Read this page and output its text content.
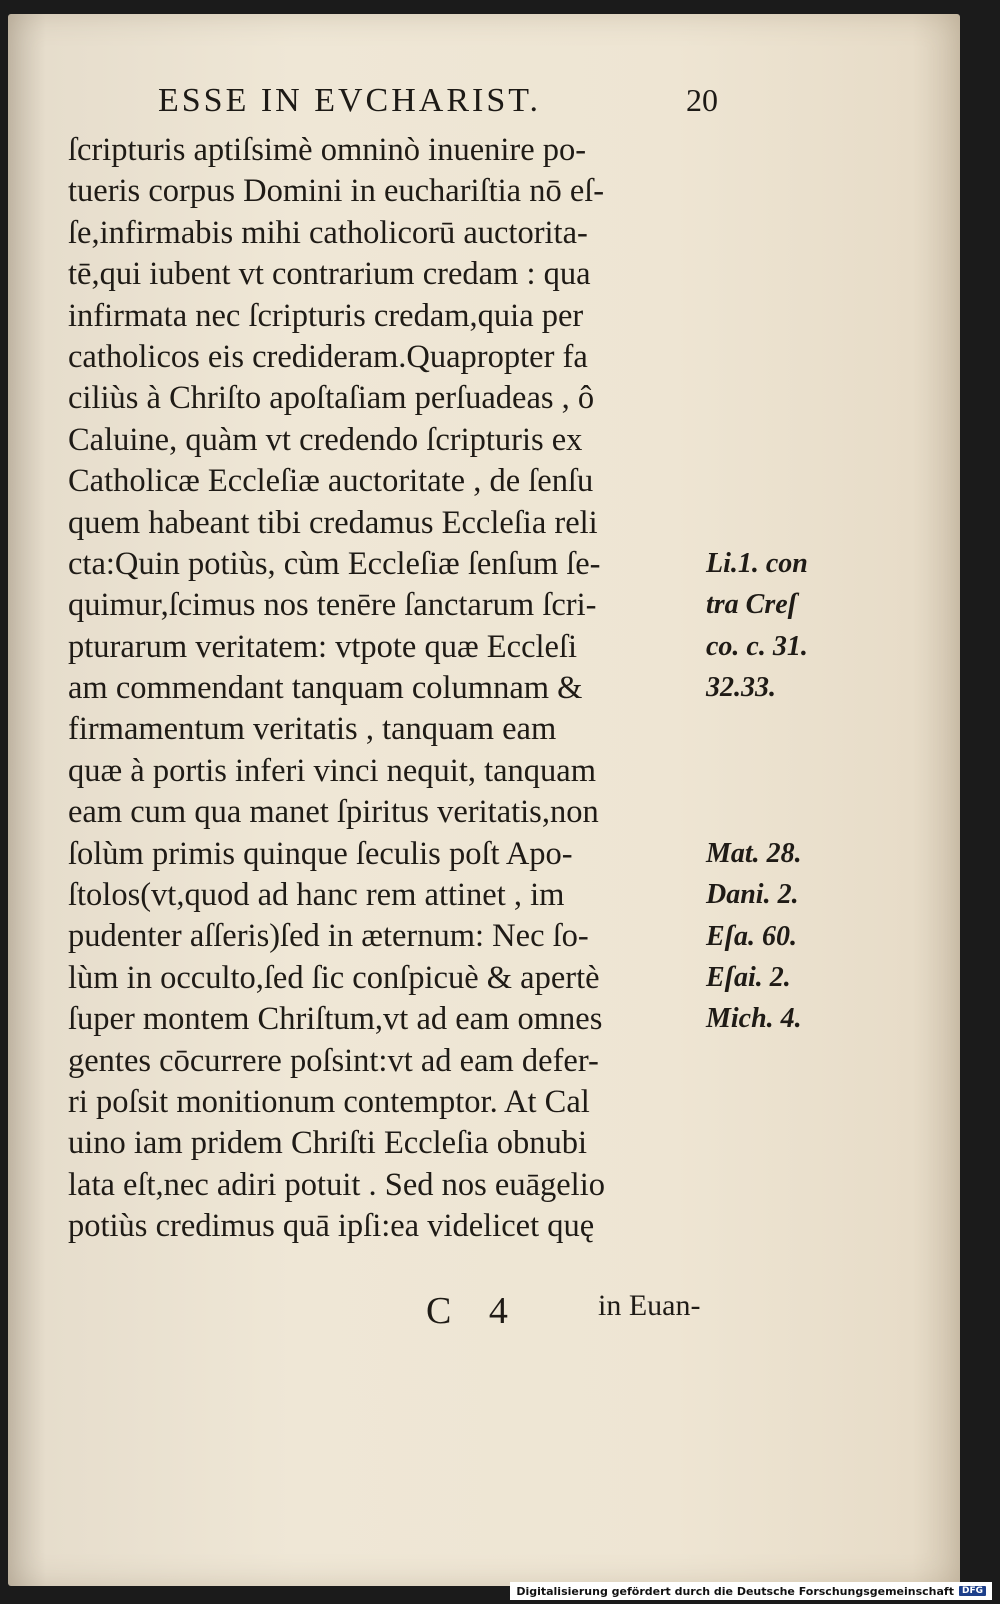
ESSE IN EVCHARIST.	20
ſcripturis aptiſsimè omninò inuenire po-
tueris corpus Domini in euchariſtia nō eſ-
ſe,infirmabis mihi catholicorū auctorita-
tē,qui iubent vt contrarium credam : qua
infirmata nec ſcripturis credam,quia per
catholicos eis credideram.Quapropter fa
ciliùs à Chriſto apoſtaſiam perſuadeas , ô
Caluine, quàm vt credendo ſcripturis ex
Catholicæ Eccleſiæ auctoritate , de ſenſu
quem habeant tibi credamus Eccleſia reli
cta:Quin potiùs, cùm Eccleſiæ ſenſum ſe-
quimur,ſcimus nos tenēre ſanctarum ſcri-
pturarum veritatem: vtpote quæ Eccleſi
am commendant tanquam columnam &
firmamentum veritatis , tanquam eam
quæ à portis inferi vinci nequit, tanquam
eam cum qua manet ſpiritus veritatis,non
ſolùm primis quinque ſeculis poſt Apo-
ſtolos(vt,quod ad hanc rem attinet , im
pudenter aſſeris)ſed in æternum: Nec ſo-
lùm in occulto,ſed ſic conſpicuè & apertè
ſuper montem Chriſtum,vt ad eam omnes
gentes cōcurrere poſsint:vt ad eam defer-
ri poſsit monitionum contemptor. At Cal
uino iam pridem Chriſti Eccleſia obnubi
lata eſt,nec adiri potuit . Sed nos euāgelio
potiùs credimus quā ipſi:ea videlicet quę
Li.1. con
tra Creſ
co. c. 31.
32.33.
Mat. 28.
Dani. 2.
Eſa. 60.
Eſai. 2.
Mich. 4.
C 4	in Euan-
Digitalisierung gefördert durch die Deutsche Forschungsgemeinschaft DFG
